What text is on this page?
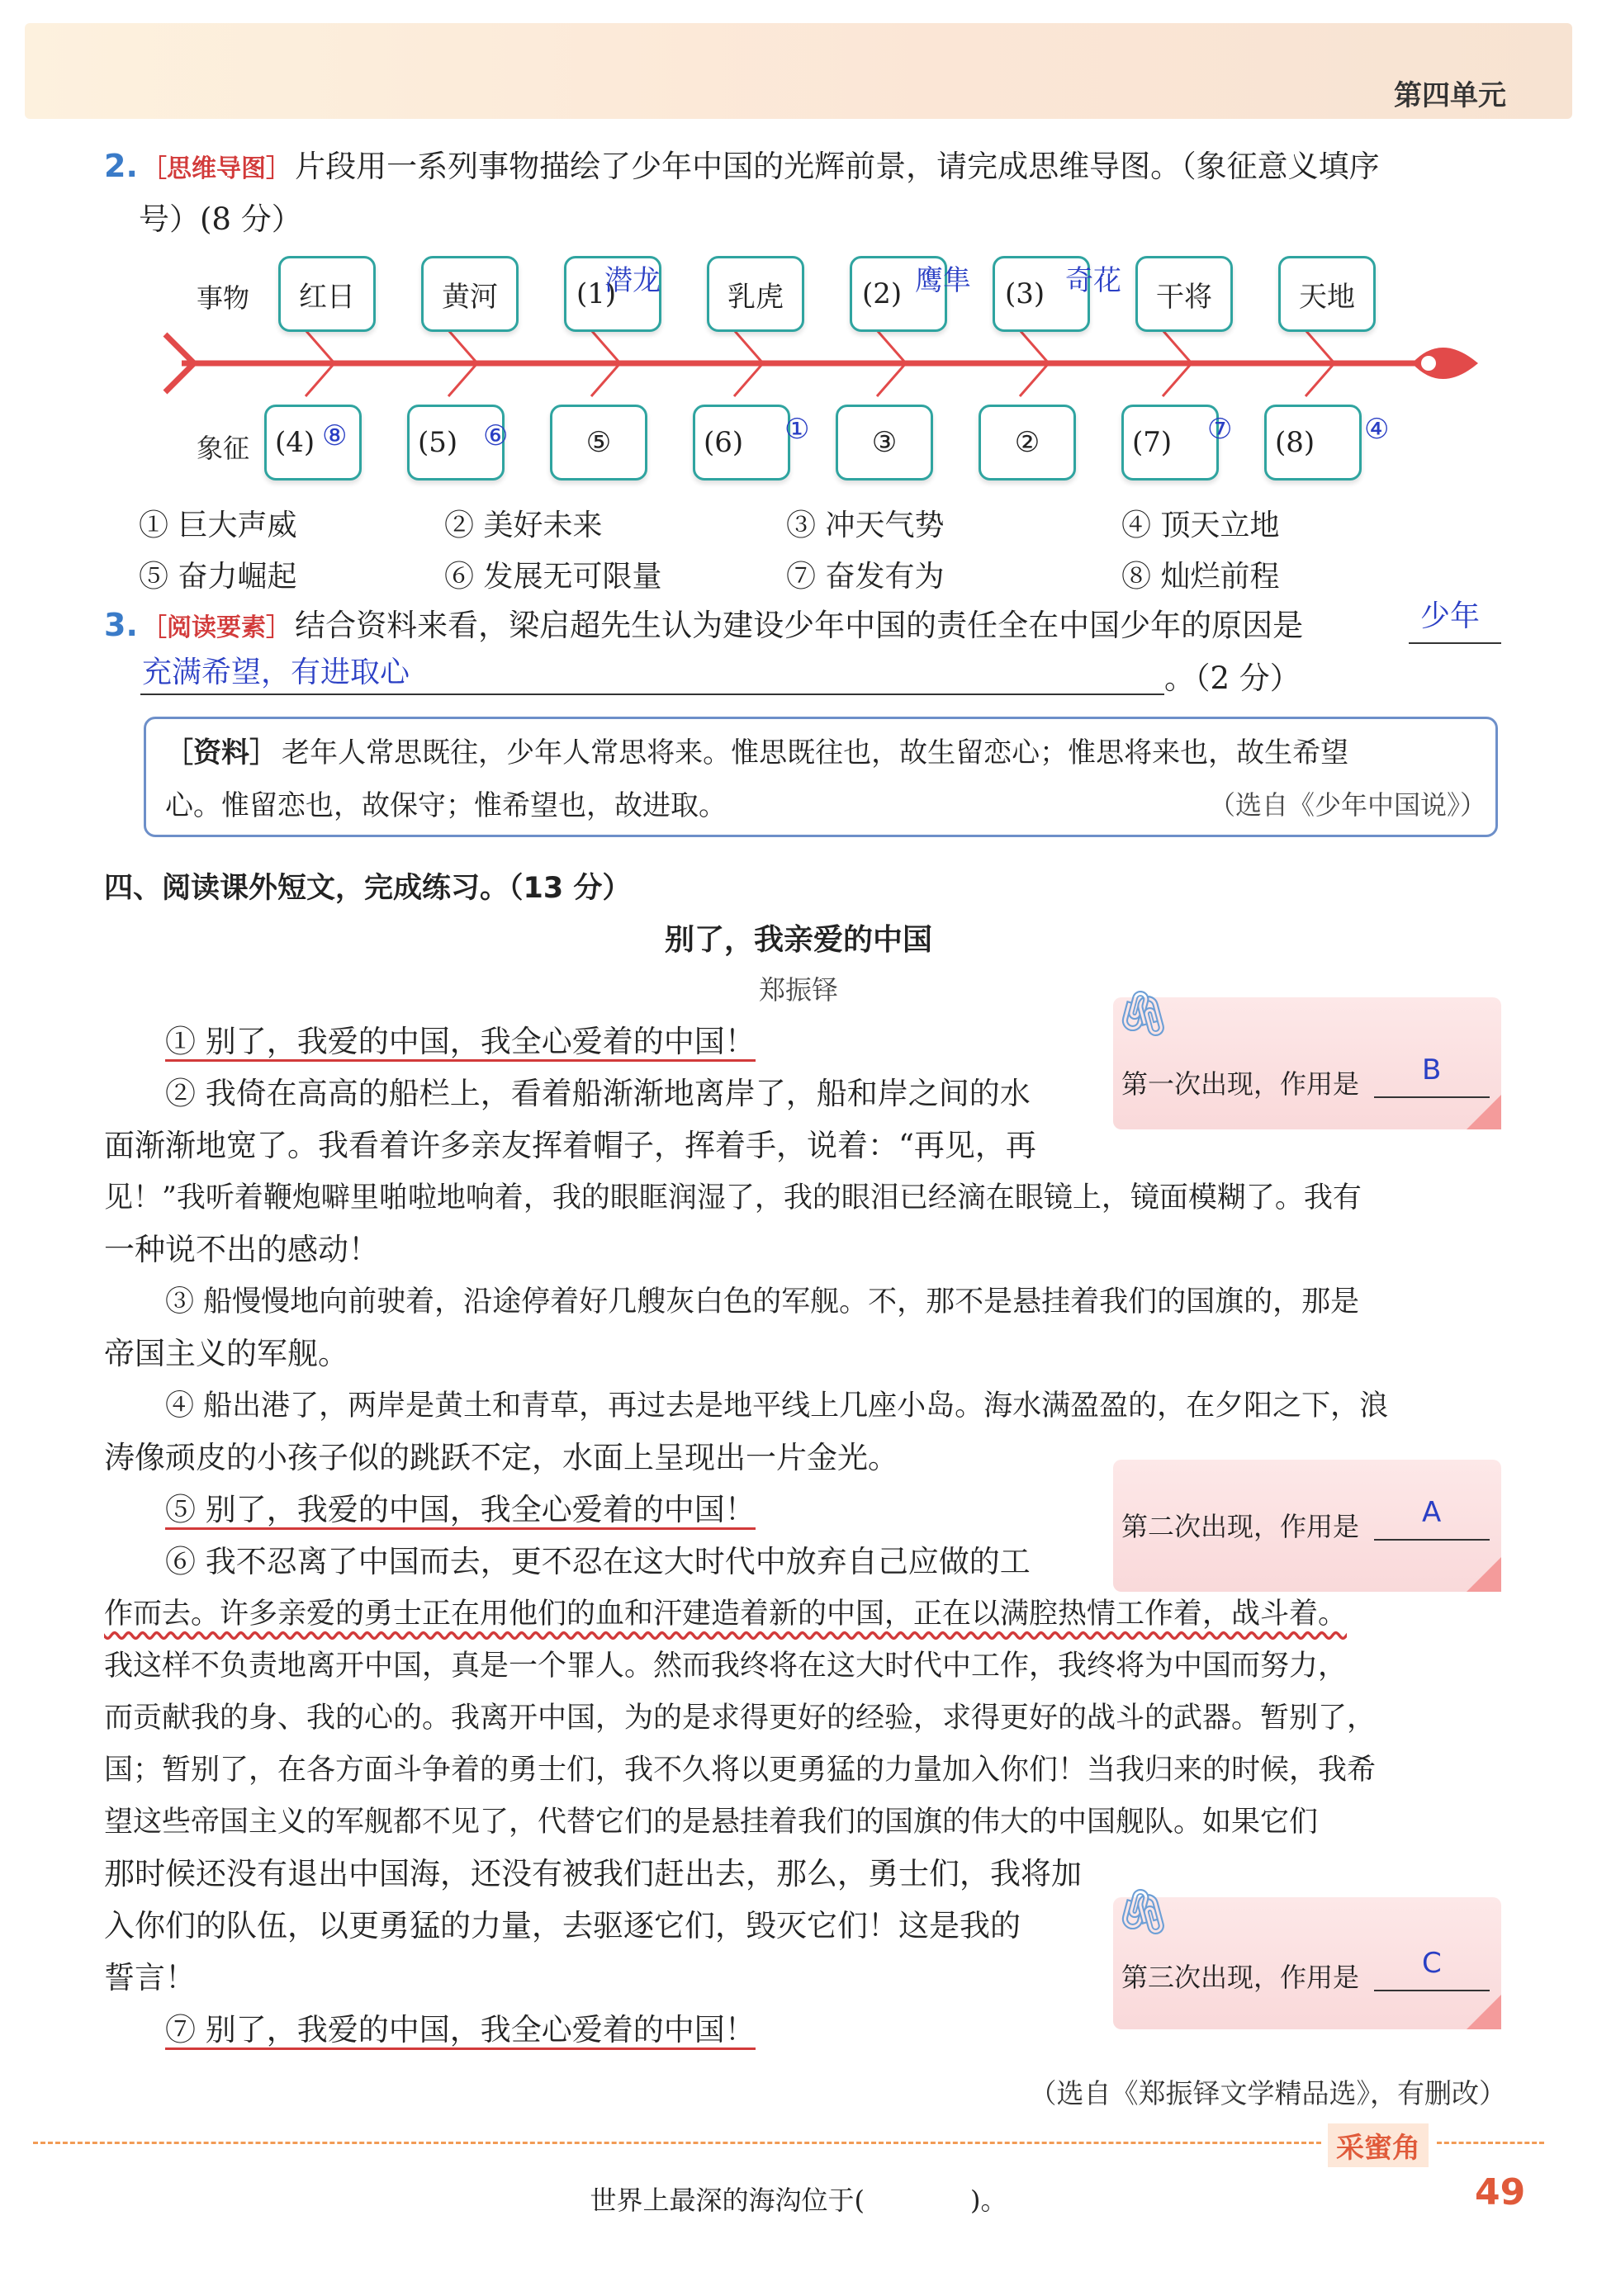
第四单元
2. ［思维导图］ 片段用一系列事物描绘了少年中国的光辉前景，请完成思维导图。（象征意义填序
号）(8 分）
事物
象征
红日	黄河	(1)	乳虎	(2)	(3)	干将	天地
潜龙	鹰隼	奇花
(4)	(5)	⑤	(6)	③	②	(7)	(8)
⑧	⑥	①	⑦	④
① 巨大声威	② 美好未来	③ 冲天气势	④ 顶天立地
⑤ 奋力崛起	⑥ 发展无可限量	⑦ 奋发有为	⑧ 灿烂前程
3. ［阅读要素］ 结合资料来看，梁启超先生认为建设少年中国的责任全在中国少年的原因是	少年
充满希望，有进取心	。（2 分）
［资料］ 老年人常思既往，少年人常思将来。惟思既往也，故生留恋心；惟思将来也，故生希望
心。惟留恋也，故保守；惟希望也，故进取。	（选自《少年中国说》）
四、阅读课外短文，完成练习。（13 分）
别了，我亲爱的中国
郑振铎
① 别了，我爱的中国，我全心爱着的中国！
② 我倚在高高的船栏上，看着船渐渐地离岸了，船和岸之间的水
面渐渐地宽了。我看着许多亲友挥着帽子，挥着手，说着：“再见，再
见！”我听着鞭炮噼里啪啦地响着，我的眼眶润湿了，我的眼泪已经滴在眼镜上，镜面模糊了。我有
一种说不出的感动！
③ 船慢慢地向前驶着，沿途停着好几艘灰白色的军舰。不，那不是悬挂着我们的国旗的，那是
帝国主义的军舰。
④ 船出港了，两岸是黄土和青草，再过去是地平线上几座小岛。海水满盈盈的，在夕阳之下，浪
涛像顽皮的小孩子似的跳跃不定，水面上呈现出一片金光。
⑤ 别了，我爱的中国，我全心爱着的中国！
⑥ 我不忍离了中国而去，更不忍在这大时代中放弃自己应做的工
作而去。许多亲爱的勇士正在用他们的血和汗建造着新的中国，正在以满腔热情工作着，战斗着。
我这样不负责地离开中国，真是一个罪人。然而我终将在这大时代中工作，我终将为中国而努力，
而贡献我的身、我的心的。我离开中国，为的是求得更好的经验，求得更好的战斗的武器。暂别了，
国；暂别了，在各方面斗争着的勇士们，我不久将以更勇猛的力量加入你们！当我归来的时候，我希
望这些帝国主义的军舰都不见了，代替它们的是悬挂着我们的国旗的伟大的中国舰队。如果它们
那时候还没有退出中国海，还没有被我们赶出去，那么，勇士们，我将加
入你们的队伍，以更勇猛的力量，去驱逐它们，毁灭它们！这是我的
誓言！
⑦ 别了，我爱的中国，我全心爱着的中国！
（选自《郑振铎文学精品选》，有删改）
🖇
第一次出现，作用是 B
第二次出现，作用是 A
🖇
第三次出现，作用是 C
采蜜角
世界上最深的海沟位于(　　　　)。	49
